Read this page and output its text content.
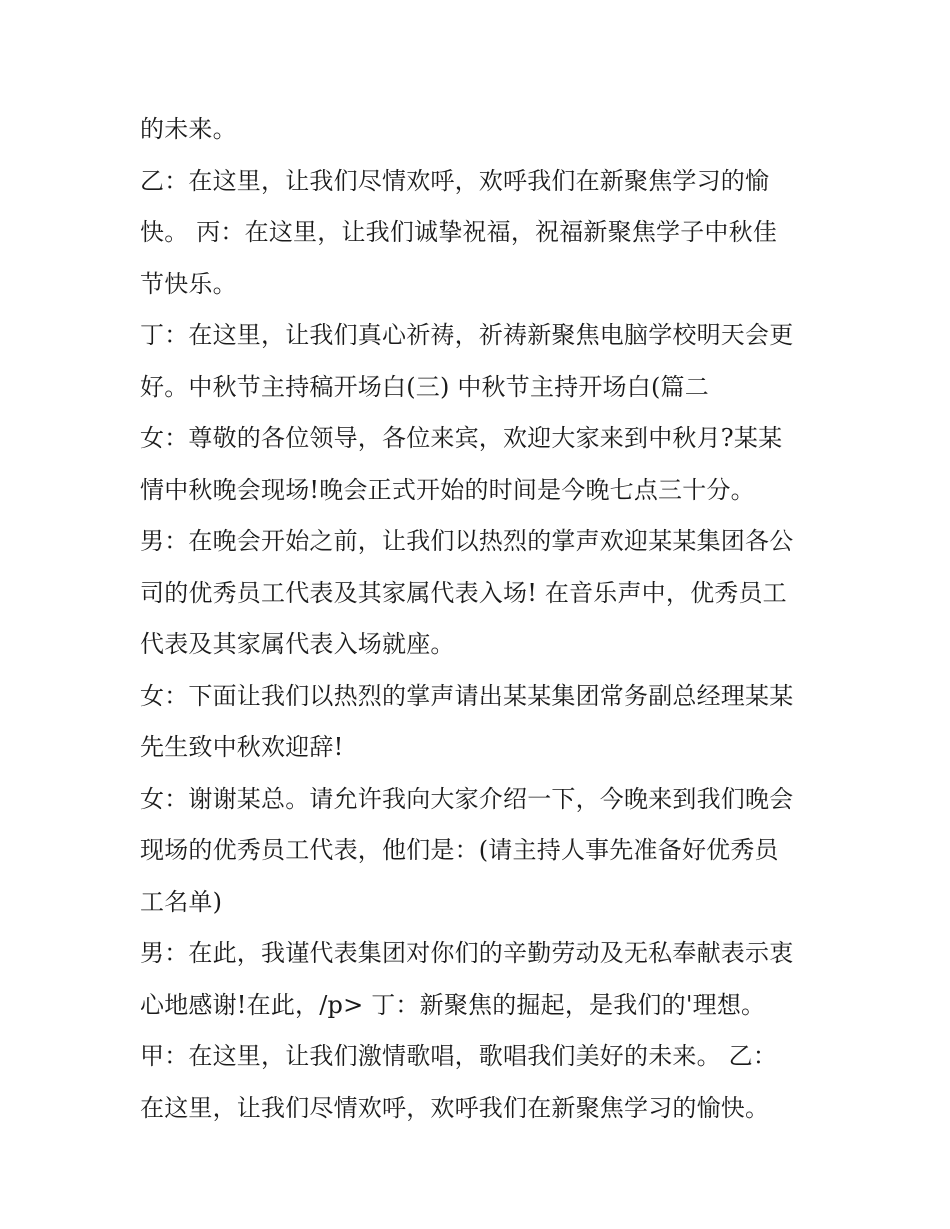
的未来。
乙：在这里，让我们尽情欢呼，欢呼我们在新聚焦学习的愉
快。 丙：在这里，让我们诚挚祝福，祝福新聚焦学子中秋佳
节快乐。
丁：在这里，让我们真心祈祷，祈祷新聚焦电脑学校明天会更
好。中秋节主持稿开场白(三) 中秋节主持开场白(篇二
女：尊敬的各位领导，各位来宾，欢迎大家来到中秋月?某某
情中秋晚会现场!晚会正式开始的时间是今晚七点三十分。
男：在晚会开始之前，让我们以热烈的掌声欢迎某某集团各公
司的优秀员工代表及其家属代表入场! 在音乐声中，优秀员工
代表及其家属代表入场就座。
女：下面让我们以热烈的掌声请出某某集团常务副总经理某某
先生致中秋欢迎辞!
女：谢谢某总。请允许我向大家介绍一下，今晚来到我们晚会
现场的优秀员工代表，他们是：(请主持人事先准备好优秀员
工名单)
男：在此，我谨代表集团对你们的辛勤劳动及无私奉献表示衷
心地感谢!在此，/p> 丁：新聚焦的掘起，是我们的'理想。
甲：在这里，让我们激情歌唱，歌唱我们美好的未来。 乙：
在这里，让我们尽情欢呼，欢呼我们在新聚焦学习的愉快。
